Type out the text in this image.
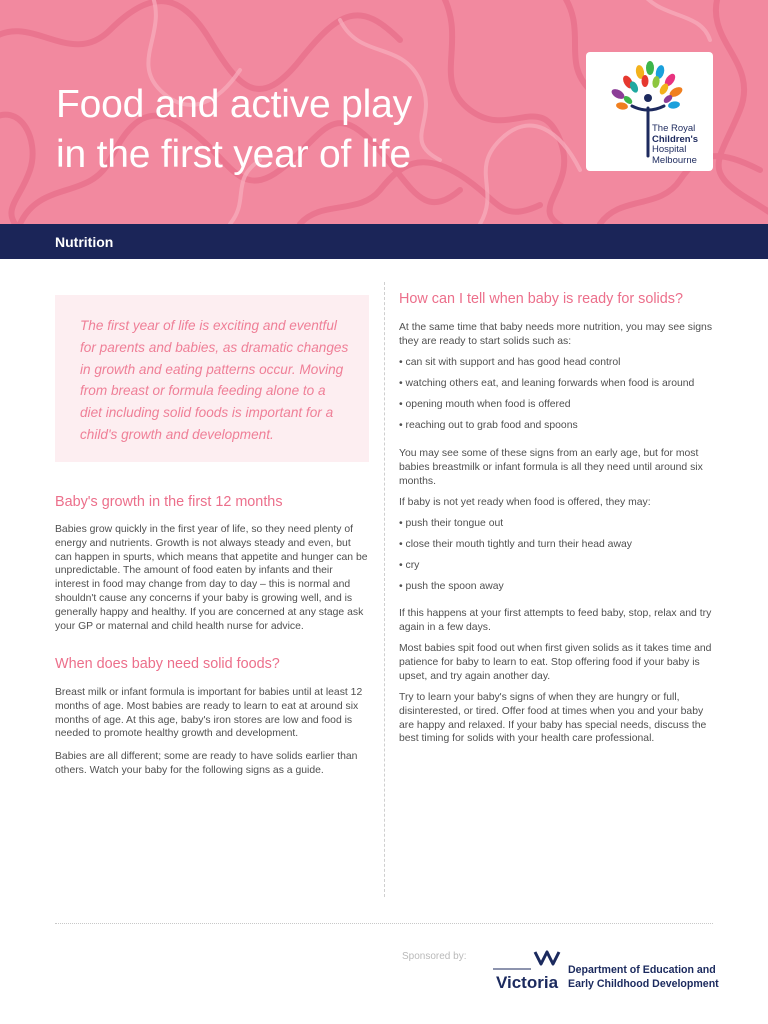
Food and active play
in the first year of life
The Royal
Children's
Hospital
Melbourne
Nutrition

The first year of life is exciting and eventful for parents and babies, as dramatic changes in growth and eating patterns occur. Moving from breast or formula feeding alone to a diet including solid foods is important for a child's growth and development.

Baby's growth in the first 12 months

Babies grow quickly in the first year of life, so they need plenty of energy and nutrients. Growth is not always steady and even, but can happen in spurts, which means that appetite and hunger can be unpredictable. The amount of food eaten by infants and their interest in food may change from day to day – this is normal and shouldn't cause any concerns if your baby is growing well, and is generally happy and healthy. If you are concerned at any stage ask your GP or maternal and child health nurse for advice.

When does baby need solid foods?

Breast milk or infant formula is important for babies until at least 12 months of age. Most babies are ready to learn to eat at around six months of age. At this age, baby's iron stores are low and food is needed to promote healthy growth and development.

Babies are all different; some are ready to have solids earlier than others. Watch your baby for the following signs as a guide.

How can I tell when baby is ready for solids?

At the same time that baby needs more nutrition, you may see signs they are ready to start solids such as:

• can sit with support and has good head control
• watching others eat, and leaning forwards when food is around
• opening mouth when food is offered
• reaching out to grab food and spoons

You may see some of these signs from an early age, but for most babies breastmilk or infant formula is all they need until around six months.

If baby is not yet ready when food is offered, they may:

• push their tongue out
• close their mouth tightly and turn their head away
• cry
• push the spoon away

If this happens at your first attempts to feed baby, stop, relax and try again in a few days.

Most babies spit food out when first given solids as it takes time and patience for baby to learn to eat. Stop offering food if your baby is upset, and try again another day.

Try to learn your baby's signs of when they are hungry or full, disinterested, or tired. Offer food at times when you and your baby are happy and relaxed. If your baby has special needs, discuss the best timing for solids with your health care professional.

Sponsored by:
Victoria
Department of Education and
Early Childhood Development
